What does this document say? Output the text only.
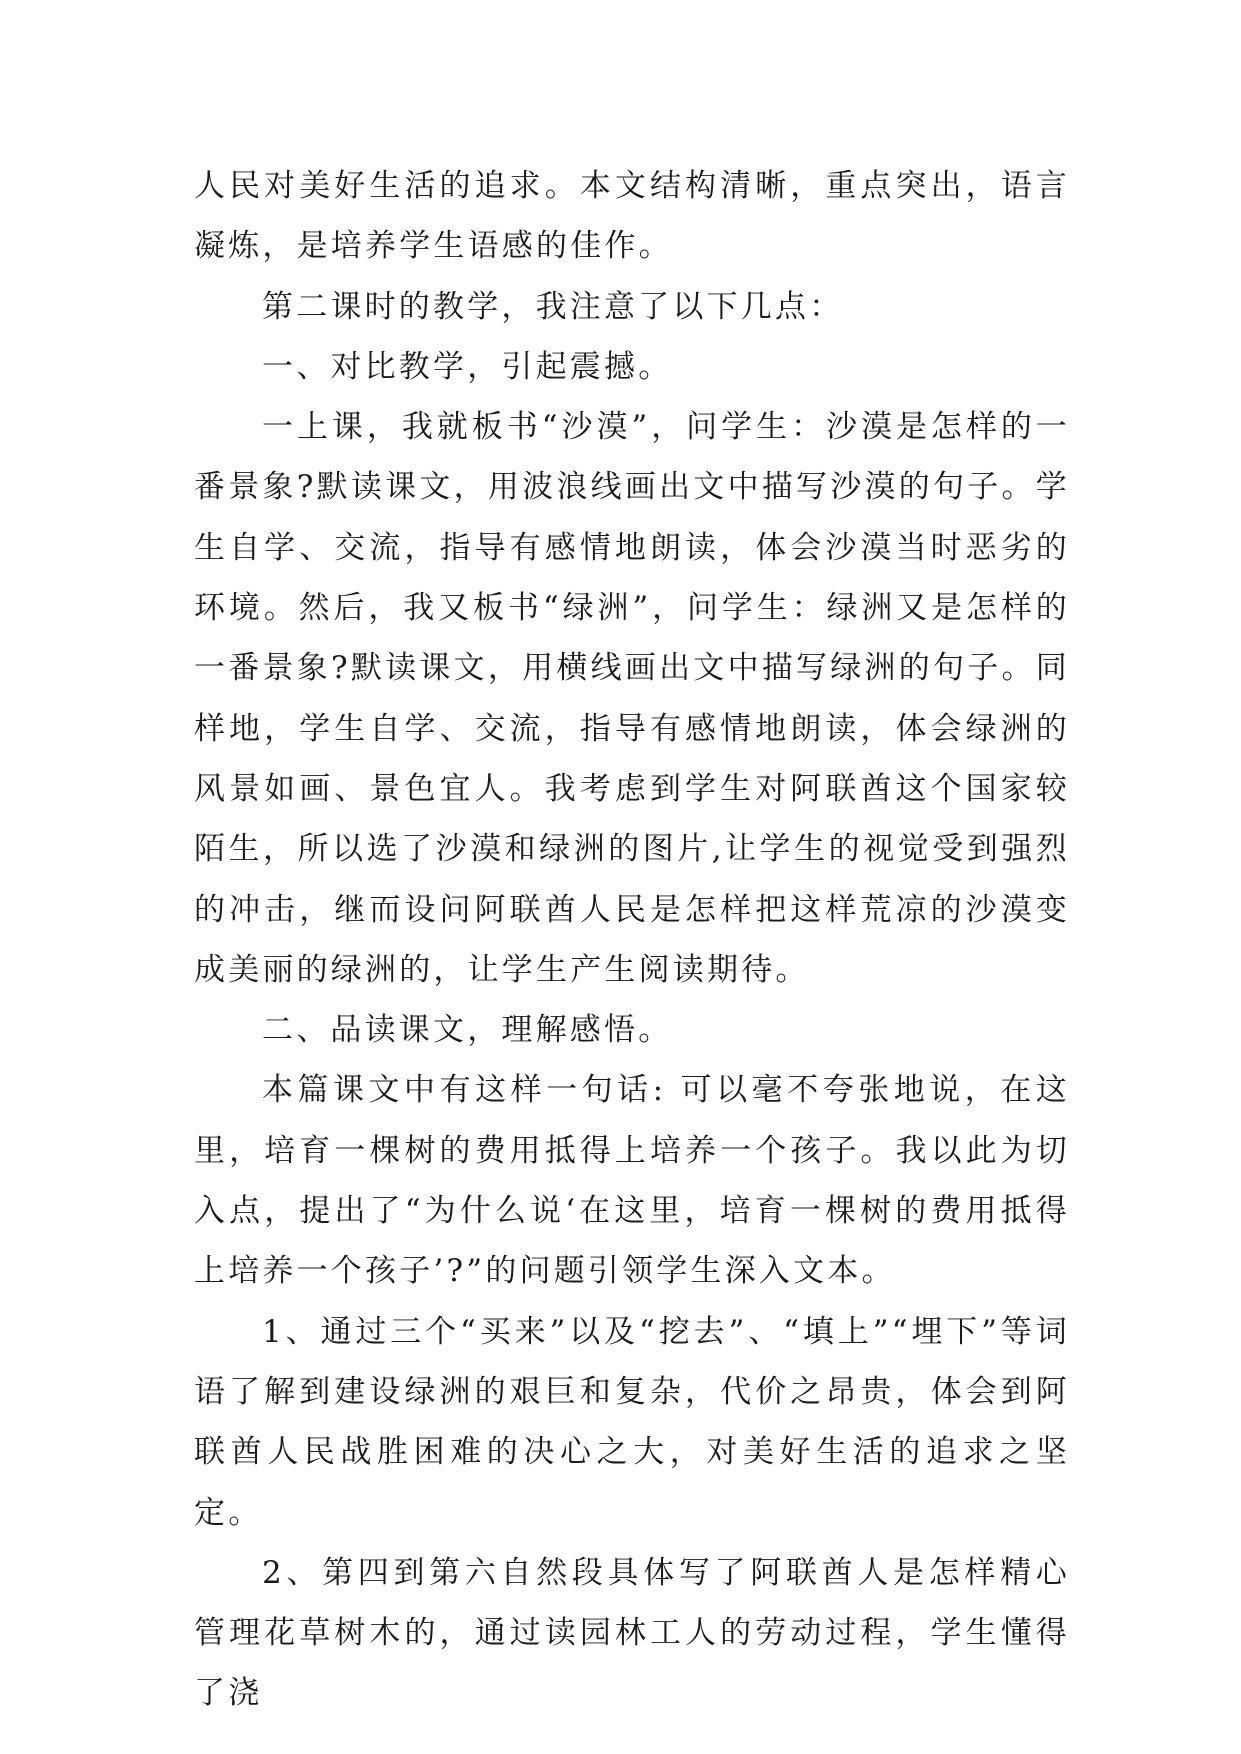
人民对美好生活的追求。本文结构清晰，重点突出，语言凝炼，是培养学生语感的佳作。

第二课时的教学，我注意了以下几点：

一、对比教学，引起震撼。

一上课，我就板书“沙漠”，问学生：沙漠是怎样的一番景象?默读课文，用波浪线画出文中描写沙漠的句子。学生自学、交流，指导有感情地朗读，体会沙漠当时恶劣的环境。然后，我又板书“绿洲”，问学生：绿洲又是怎样的一番景象?默读课文，用横线画出文中描写绿洲的句子。同样地，学生自学、交流，指导有感情地朗读，体会绿洲的风景如画、景色宜人。我考虑到学生对阿联酋这个国家较陌生，所以选了沙漠和绿洲的图片,让学生的视觉受到强烈的冲击，继而设问阿联酋人民是怎样把这样荒凉的沙漠变成美丽的绿洲的，让学生产生阅读期待。

二、品读课文，理解感悟。

本篇课文中有这样一句话: 可以毫不夸张地说，在这里，培育一棵树的费用抵得上培养一个孩子。我以此为切入点，提出了“为什么说‘在这里，培育一棵树的费用抵得上培养一个孩子’?”的问题引领学生深入文本。

1、通过三个“买来”以及“挖去”、“填上”“埋下”等词语了解到建设绿洲的艰巨和复杂，代价之昂贵，体会到阿联酋人民战胜困难的决心之大，对美好生活的追求之坚定。

2、第四到第六自然段具体写了阿联酋人是怎样精心管理花草树木的，通过读园林工人的劳动过程，学生懂得了浇
